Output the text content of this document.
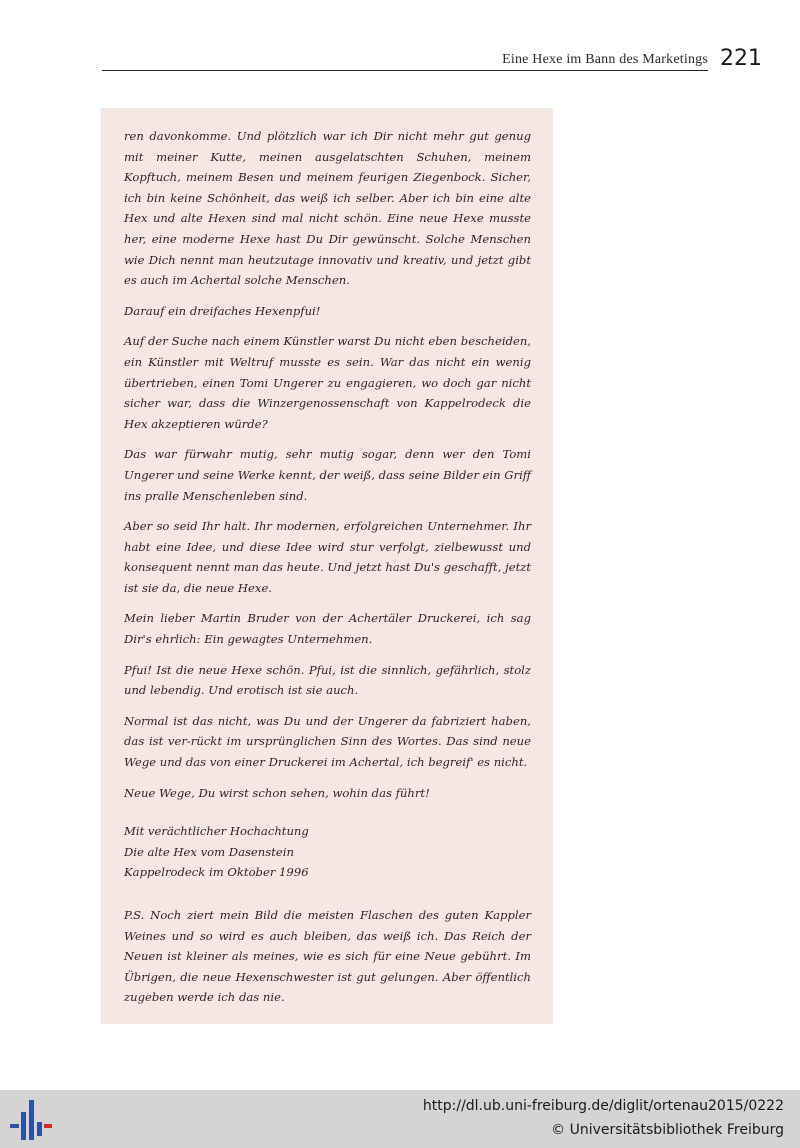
Eine Hexe im Bann des Marketings 221

ren davonkomme. Und plötzlich war ich Dir nicht mehr gut genug mit meiner Kutte, meinen ausgelatschten Schuhen, meinem Kopftuch, meinem Besen und meinem feurigen Ziegenbock. Sicher, ich bin keine Schönheit, das weiß ich selber. Aber ich bin eine alte Hex und alte Hexen sind mal nicht schön. Eine neue Hexe musste her, eine moderne Hexe hast Du Dir gewünscht. Solche Menschen wie Dich nennt man heutzutage innovativ und kreativ, und jetzt gibt es auch im Achertal solche Menschen.

Darauf ein dreifaches Hexenpfui!

Auf der Suche nach einem Künstler warst Du nicht eben bescheiden, ein Künstler mit Weltruf musste es sein. War das nicht ein wenig übertrieben, einen Tomi Ungerer zu engagieren, wo doch gar nicht sicher war, dass die Winzergenossenschaft von Kappelrodeck die Hex akzeptieren würde?

Das war fürwahr mutig, sehr mutig sogar, denn wer den Tomi Ungerer und seine Werke kennt, der weiß, dass seine Bilder ein Griff ins pralle Menschenleben sind.

Aber so seid Ihr halt. Ihr modernen, erfolgreichen Unternehmer. Ihr habt eine Idee, und diese Idee wird stur verfolgt, zielbewusst und konsequent nennt man das heute. Und jetzt hast Du's geschafft, jetzt ist sie da, die neue Hexe.

Mein lieber Martin Bruder von der Achertäler Druckerei, ich sag Dir's ehrlich: Ein gewagtes Unternehmen.

Pfui! Ist die neue Hexe schön. Pfui, ist die sinnlich, gefährlich, stolz und lebendig. Und erotisch ist sie auch.

Normal ist das nicht, was Du und der Ungerer da fabriziert haben, das ist ver-rückt im ursprünglichen Sinn des Wortes. Das sind neue Wege und das von einer Druckerei im Achertal, ich begreif' es nicht.

Neue Wege, Du wirst schon sehen, wohin das führt!

Mit verächtlicher Hochachtung
Die alte Hex vom Dasenstein
Kappelrodeck im Oktober 1996

P.S. Noch ziert mein Bild die meisten Flaschen des guten Kappler Weines und so wird es auch bleiben, das weiß ich. Das Reich der Neuen ist kleiner als meines, wie es sich für eine Neue gebührt. Im Übrigen, die neue Hexenschwester ist gut gelungen. Aber öffentlich zugeben werde ich das nie.

http://dl.ub.uni-freiburg.de/diglit/ortenau2015/0222
© Universitätsbibliothek Freiburg
